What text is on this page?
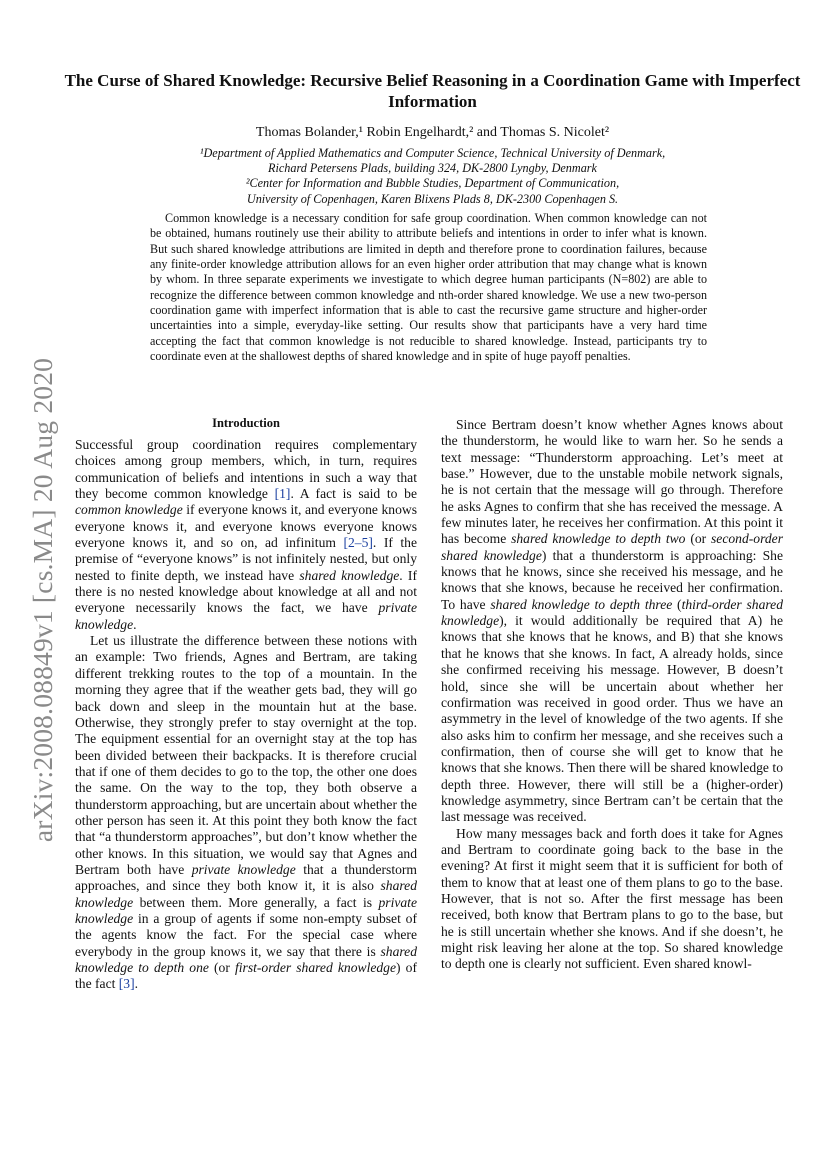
arXiv:2008.08849v1 [cs.MA] 20 Aug 2020
The Curse of Shared Knowledge: Recursive Belief Reasoning in a Coordination Game with Imperfect Information
Thomas Bolander,¹ Robin Engelhardt,² and Thomas S. Nicolet²
¹Department of Applied Mathematics and Computer Science, Technical University of Denmark,
Richard Petersens Plads, building 324, DK-2800 Lyngby, Denmark
²Center for Information and Bubble Studies, Department of Communication,
University of Copenhagen, Karen Blixens Plads 8, DK-2300 Copenhagen S.
Common knowledge is a necessary condition for safe group coordination. When common knowledge can not be obtained, humans routinely use their ability to attribute beliefs and intentions in order to infer what is known. But such shared knowledge attributions are limited in depth and therefore prone to coordination failures, because any finite-order knowledge attribution allows for an even higher order attribution that may change what is known by whom. In three separate experiments we investigate to which degree human participants (N=802) are able to recognize the difference between common knowledge and nth-order shared knowledge. We use a new two-person coordination game with imperfect information that is able to cast the recursive game structure and higher-order uncertainties into a simple, everyday-like setting. Our results show that participants have a very hard time accepting the fact that common knowledge is not reducible to shared knowledge. Instead, participants try to coordinate even at the shallowest depths of shared knowledge and in spite of huge payoff penalties.
Introduction

Successful group coordination requires complementary choices among group members, which, in turn, requires communication of beliefs and intentions in such a way that they become common knowledge [1]. A fact is said to be common knowledge if everyone knows it, and everyone knows everyone knows it, and everyone knows everyone knows everyone knows it, and so on, ad infinitum [2–5]. If the premise of “everyone knows” is not infinitely nested, but only nested to finite depth, we instead have shared knowledge. If there is no nested knowledge about knowledge at all and not everyone necessarily knows the fact, we have private knowledge.

Let us illustrate the difference between these notions with an example: Two friends, Agnes and Bertram, are taking different trekking routes to the top of a mountain. In the morning they agree that if the weather gets bad, they will go back down and sleep in the mountain hut at the base. Otherwise, they strongly prefer to stay overnight at the top. The equipment essential for an overnight stay at the top has been divided between their backpacks. It is therefore crucial that if one of them decides to go to the top, the other one does the same. On the way to the top, they both observe a thunderstorm approaching, but are uncertain about whether the other person has seen it. At this point they both know the fact that “a thunderstorm approaches”, but don’t know whether the other knows. In this situation, we would say that Agnes and Bertram both have private knowledge that a thunderstorm approaches, and since they both know it, it is also shared knowledge between them. More generally, a fact is private knowledge in a group of agents if some non-empty subset of the agents know the fact. For the special case where everybody in the group knows it, we say that there is shared knowledge to depth one (or first-order shared knowledge) of the fact [3].

Since Bertram doesn’t know whether Agnes knows about the thunderstorm, he would like to warn her. So he sends a text message: “Thunderstorm approaching. Let’s meet at base.” However, due to the unstable mobile network signals, he is not certain that the message will go through. Therefore he asks Agnes to confirm that she has received the message. A few minutes later, he receives her confirmation. At this point it has become shared knowledge to depth two (or second-order shared knowledge) that a thunderstorm is approaching: She knows that he knows, since she received his message, and he knows that she knows, because he received her confirmation. To have shared knowledge to depth three (third-order shared knowledge), it would additionally be required that A) he knows that she knows that he knows, and B) that she knows that he knows that she knows. In fact, A already holds, since she confirmed receiving his message. However, B doesn’t hold, since she will be uncertain about whether her confirmation was received in good order. Thus we have an asymmetry in the level of knowledge of the two agents. If she also asks him to confirm her message, and she receives such a confirmation, then of course she will get to know that he knows that she knows. Then there will be shared knowledge to depth three. However, there will still be a (higher-order) knowledge asymmetry, since Bertram can’t be certain that the last message was received.

How many messages back and forth does it take for Agnes and Bertram to coordinate going back to the base in the evening? At first it might seem that it is sufficient for both of them to know that at least one of them plans to go to the base. However, that is not so. After the first message has been received, both know that Bertram plans to go to the base, but he is still uncertain whether she knows. And if she doesn’t, he might risk leaving her alone at the top. So shared knowledge to depth one is clearly not sufficient. Even shared knowl-
